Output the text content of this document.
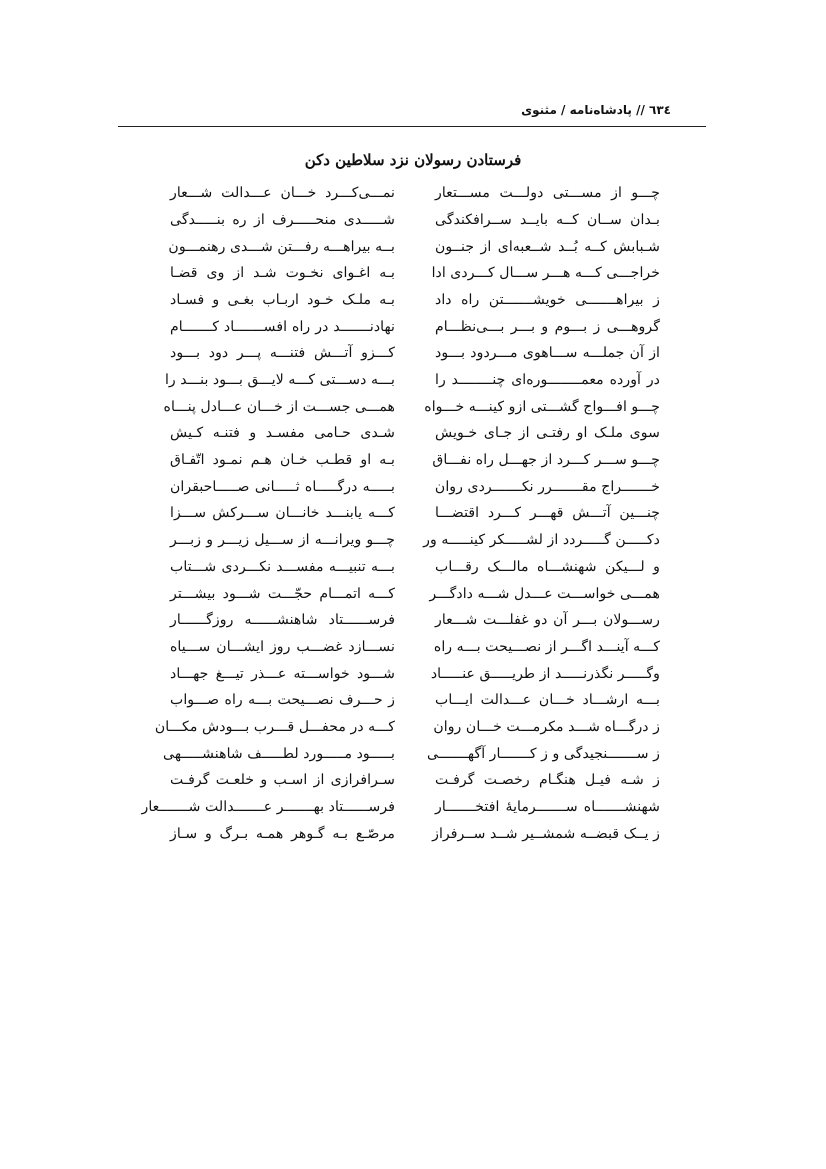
٦٣٤ // پادشاه‌نامه / مثنوی
فرستادن رسولان نزد سلاطین دکن
چـــو از مســـتی دولـــت مســـتعار
نمـــی‌کـــرد خـــان عـــدالت شـــعار
بـدان ســان کــه بایــد ســرافکندگی
شـــــدی منحـــــرف از ره بنـــــدگی
شـبابش کــه بُــد شــعبه‌ای از جنــون
بــه بیراهـــه رفـــتن شـــدی رهنمـــون
خراجـــی کـــه هـــر ســـال کـــردی ادا
بـه اغـوای نخـوت شـد از وی قضـا
ز بیراهـــــــی خویشـــــــتن راه داد
بـه ملـک خـود اربـاب بغـی و فسـاد
گروهـــی ز بـــوم و بـــر بـــی‌نظـــام
نهادنـــــــد در راه افســـــــاد کـــــــام
از آن جملـــه ســـاهوی مـــردود بـــود
کـــزو آتـــش فتنـــه پـــر دود بـــود
در آورده معمــــــــوره‌ای چنــــــــد را
بـــه دســـتی کـــه لایـــق بـــود بنـــد را
چـــو افـــواج گشـــتی ازو کینـــه خـــواه
همـــی جســـت از خـــان عـــادل پنـــاه
سوی ملـک او رفتـی از جـای خـویش
شـدی حـامی مفسـد و فتنـه کـیش
چـــو ســـر کـــرد از جهـــل راه نفـــاق
بـه او قطـب خـان هـم نمـود اتّفـاق
خـــــــراج مقـــــــرر نکـــــــردی روان
بـــــه درگـــــاه ثـــــانی صـــــاحبقران
چنـــین آتـــش قهـــر کـــرد اقتضـــا
کـــه یابنـــد خانـــان ســـرکش ســـزا
دکـــــن گـــــردد از لشـــــکر کینـــــه ور
چـــو ویرانـــه از ســـیل زیـــر و زبـــر
و لـــیکن شهنشـــاه مالـــک رقـــاب
بـــه تنبیـــه مفســـد نکـــردی شـــتاب
همـــی خواســـت عـــدل شـــه دادگـــر
کـــه اتمـــام حجّـــت شـــود بیشـــتر
رســـولان بـــر آن دو غفلـــت شـــعار
فرســــــتاد شاهنشــــــه روزگــــــار
کـــه آینـــد اگـــر از نصـــیحت بـــه راه
نســـازد غضـــب روز ایشـــان ســـیاه
وگـــــر نگذرنـــــد از طریـــــق عنـــــاد
شـــود خواســـته عـــذر تیـــغ جهـــاد
بـــه ارشـــاد خـــان عـــدالت ایـــاب
ز حـــرف نصـــیحت بـــه راه صـــواب
ز درگـــاه شـــد مکرمـــت خـــان روان
کـــه در محفـــل قـــرب بـــودش مکـــان
ز ســـــــنجیدگی و ز کـــــــار آگهـــــــی
بـــــود مـــــورد لطـــــف شاهنشـــــهی
ز شـه فیـل هنگـام رخصـت گرفـت
سـرافرازی از اسـب و خلعـت گرفـت
شهنشـــــــاه ســـــــرمایهٔ افتخـــــــار
فرســــــتاد بهـــــــر عـــــــدالت شـــــــعار
ز یــک قبضــه شمشــیر شــد ســرفراز
مرصّـع بـه گـوهر همـه بـرگ و سـاز
